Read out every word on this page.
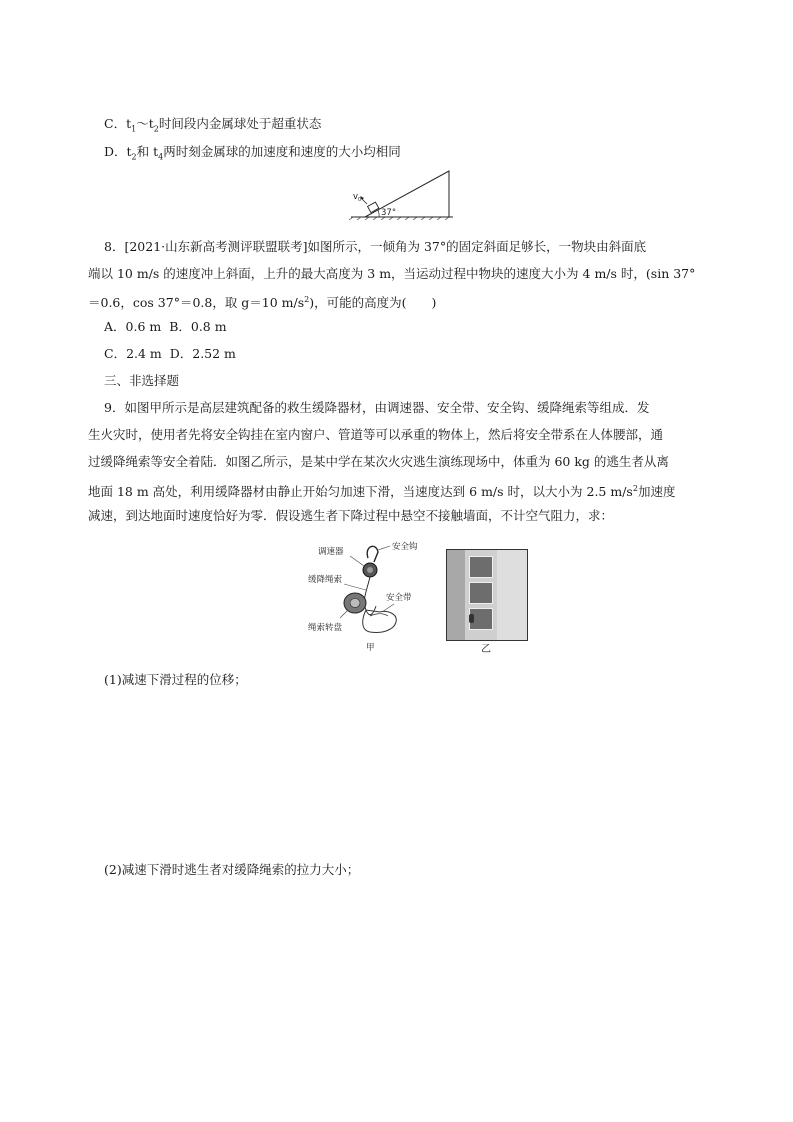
C．$t_1\sim t_2$时间段内金属球处于超重状态
D．$t_2$和 $t_4$两时刻金属球的加速度和速度的大小均相同
v 0
37°
8．[2021·山东新高考测评联盟联考]如图所示，一倾角为 37°的固定斜面足够长，一物块由斜面底
端以 10 m/s 的速度冲上斜面，上升的最大高度为 3 m，当运动过程中物块的速度大小为 4 m/s 时，(sin 37°
＝0.6，cos 37°＝0.8，取 g＝10 $m/s^2$)，可能的高度为(　　)
A．0.6 m B．0.8 m
C．2.4 m D．2.52 m
三、非选择题
9．如图甲所示是高层建筑配备的救生缓降器材，由调速器、安全带、安全钩、缓降绳索等组成．发
生火灾时，使用者先将安全钩挂在室内窗户、管道等可以承重的物体上，然后将安全带系在人体腰部，通
过缓降绳索等安全着陆．如图乙所示，是某中学在某次火灾逃生演练现场中，体重为 60 kg 的逃生者从离
地面 18 m 高处，利用缓降器材由静止开始匀加速下滑，当速度达到 6 m/s 时，以大小为 2.5 $m/s^2$加速度
减速，到达地面时速度恰好为零．假设逃生者下降过程中悬空不接触墙面，不计空气阻力，求：
调速器	安全钩
缓降绳索
安全带
绳索转盘
甲	乙
(1)减速下滑过程的位移；
(2)减速下滑时逃生者对缓降绳索的拉力大小；
